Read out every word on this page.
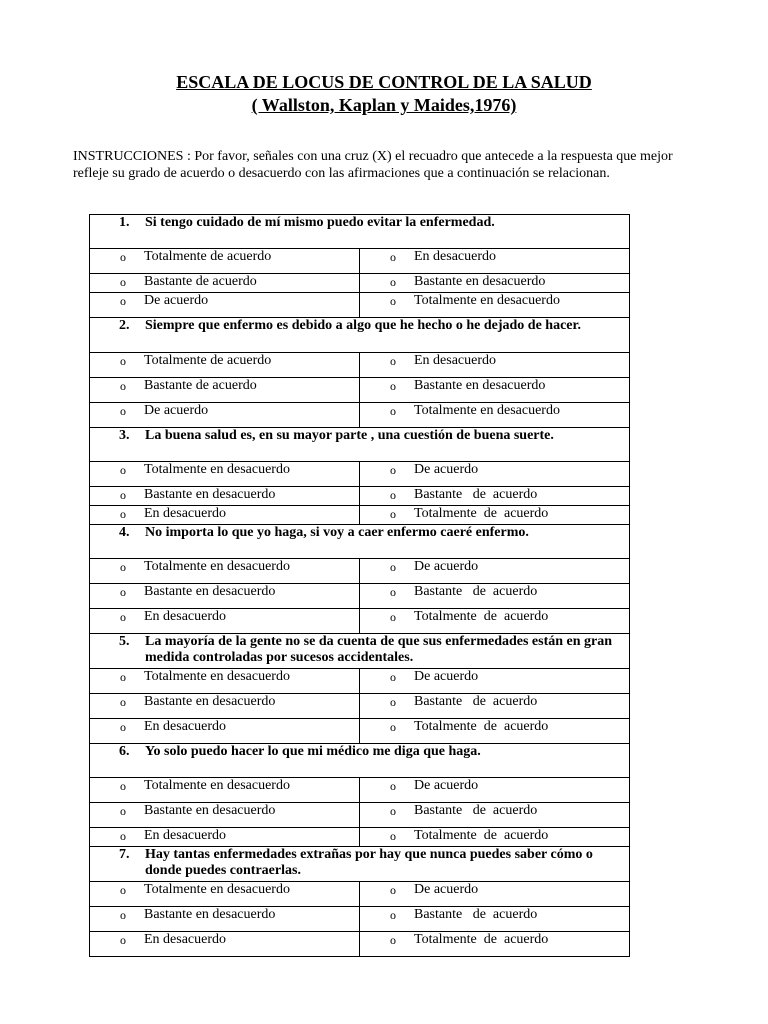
ESCALA DE LOCUS DE CONTROL DE LA SALUD
( Wallston, Kaplan y Maides,1976)
INSTRUCCIONES : Por favor, señales con una cruz (X) el recuadro que antecede a la respuesta que mejor refleje su grado de acuerdo o desacuerdo con las afirmaciones que a continuación se relacionan.
1. Si tengo cuidado de mí mismo puedo evitar la enfermedad.	

o Totalmente de acuerdo	o En desacuerdo

o Bastante de acuerdo	o Bastante en desacuerdo

o De acuerdo	o Totalmente en desacuerdo

2. Siempre que enfermo es debido a algo que he hecho o he dejado de hacer.	

o Totalmente de acuerdo	o En desacuerdo

o Bastante de acuerdo	o Bastante en desacuerdo

o De acuerdo	o Totalmente en desacuerdo

3. La buena salud es, en su mayor parte , una cuestión de buena suerte.	

o Totalmente en desacuerdo	o De acuerdo

o Bastante en desacuerdo	o Bastante   de  acuerdo

o En desacuerdo	o Totalmente  de  acuerdo

4. No importa lo que yo haga, si voy a caer enfermo caeré enfermo.	

o Totalmente en desacuerdo	o De acuerdo

o Bastante en desacuerdo	o Bastante   de  acuerdo

o En desacuerdo	o Totalmente  de  acuerdo

5. La mayoría de la gente no se da cuenta de que sus enfermedades están en gran medida controladas por sucesos accidentales.	

o Totalmente en desacuerdo	o De acuerdo

o Bastante en desacuerdo	o Bastante   de  acuerdo

o En desacuerdo	o Totalmente  de  acuerdo

6. Yo solo puedo hacer lo que mi médico me diga que haga.	

o Totalmente en desacuerdo	o De acuerdo

o Bastante en desacuerdo	o Bastante   de  acuerdo

o En desacuerdo	o Totalmente  de  acuerdo

7. Hay tantas enfermedades extrañas por hay que nunca puedes saber cómo o donde puedes contraerlas.	

o Totalmente en desacuerdo	o De acuerdo

o Bastante en desacuerdo	o Bastante   de  acuerdo

o En desacuerdo	o Totalmente  de  acuerdo
